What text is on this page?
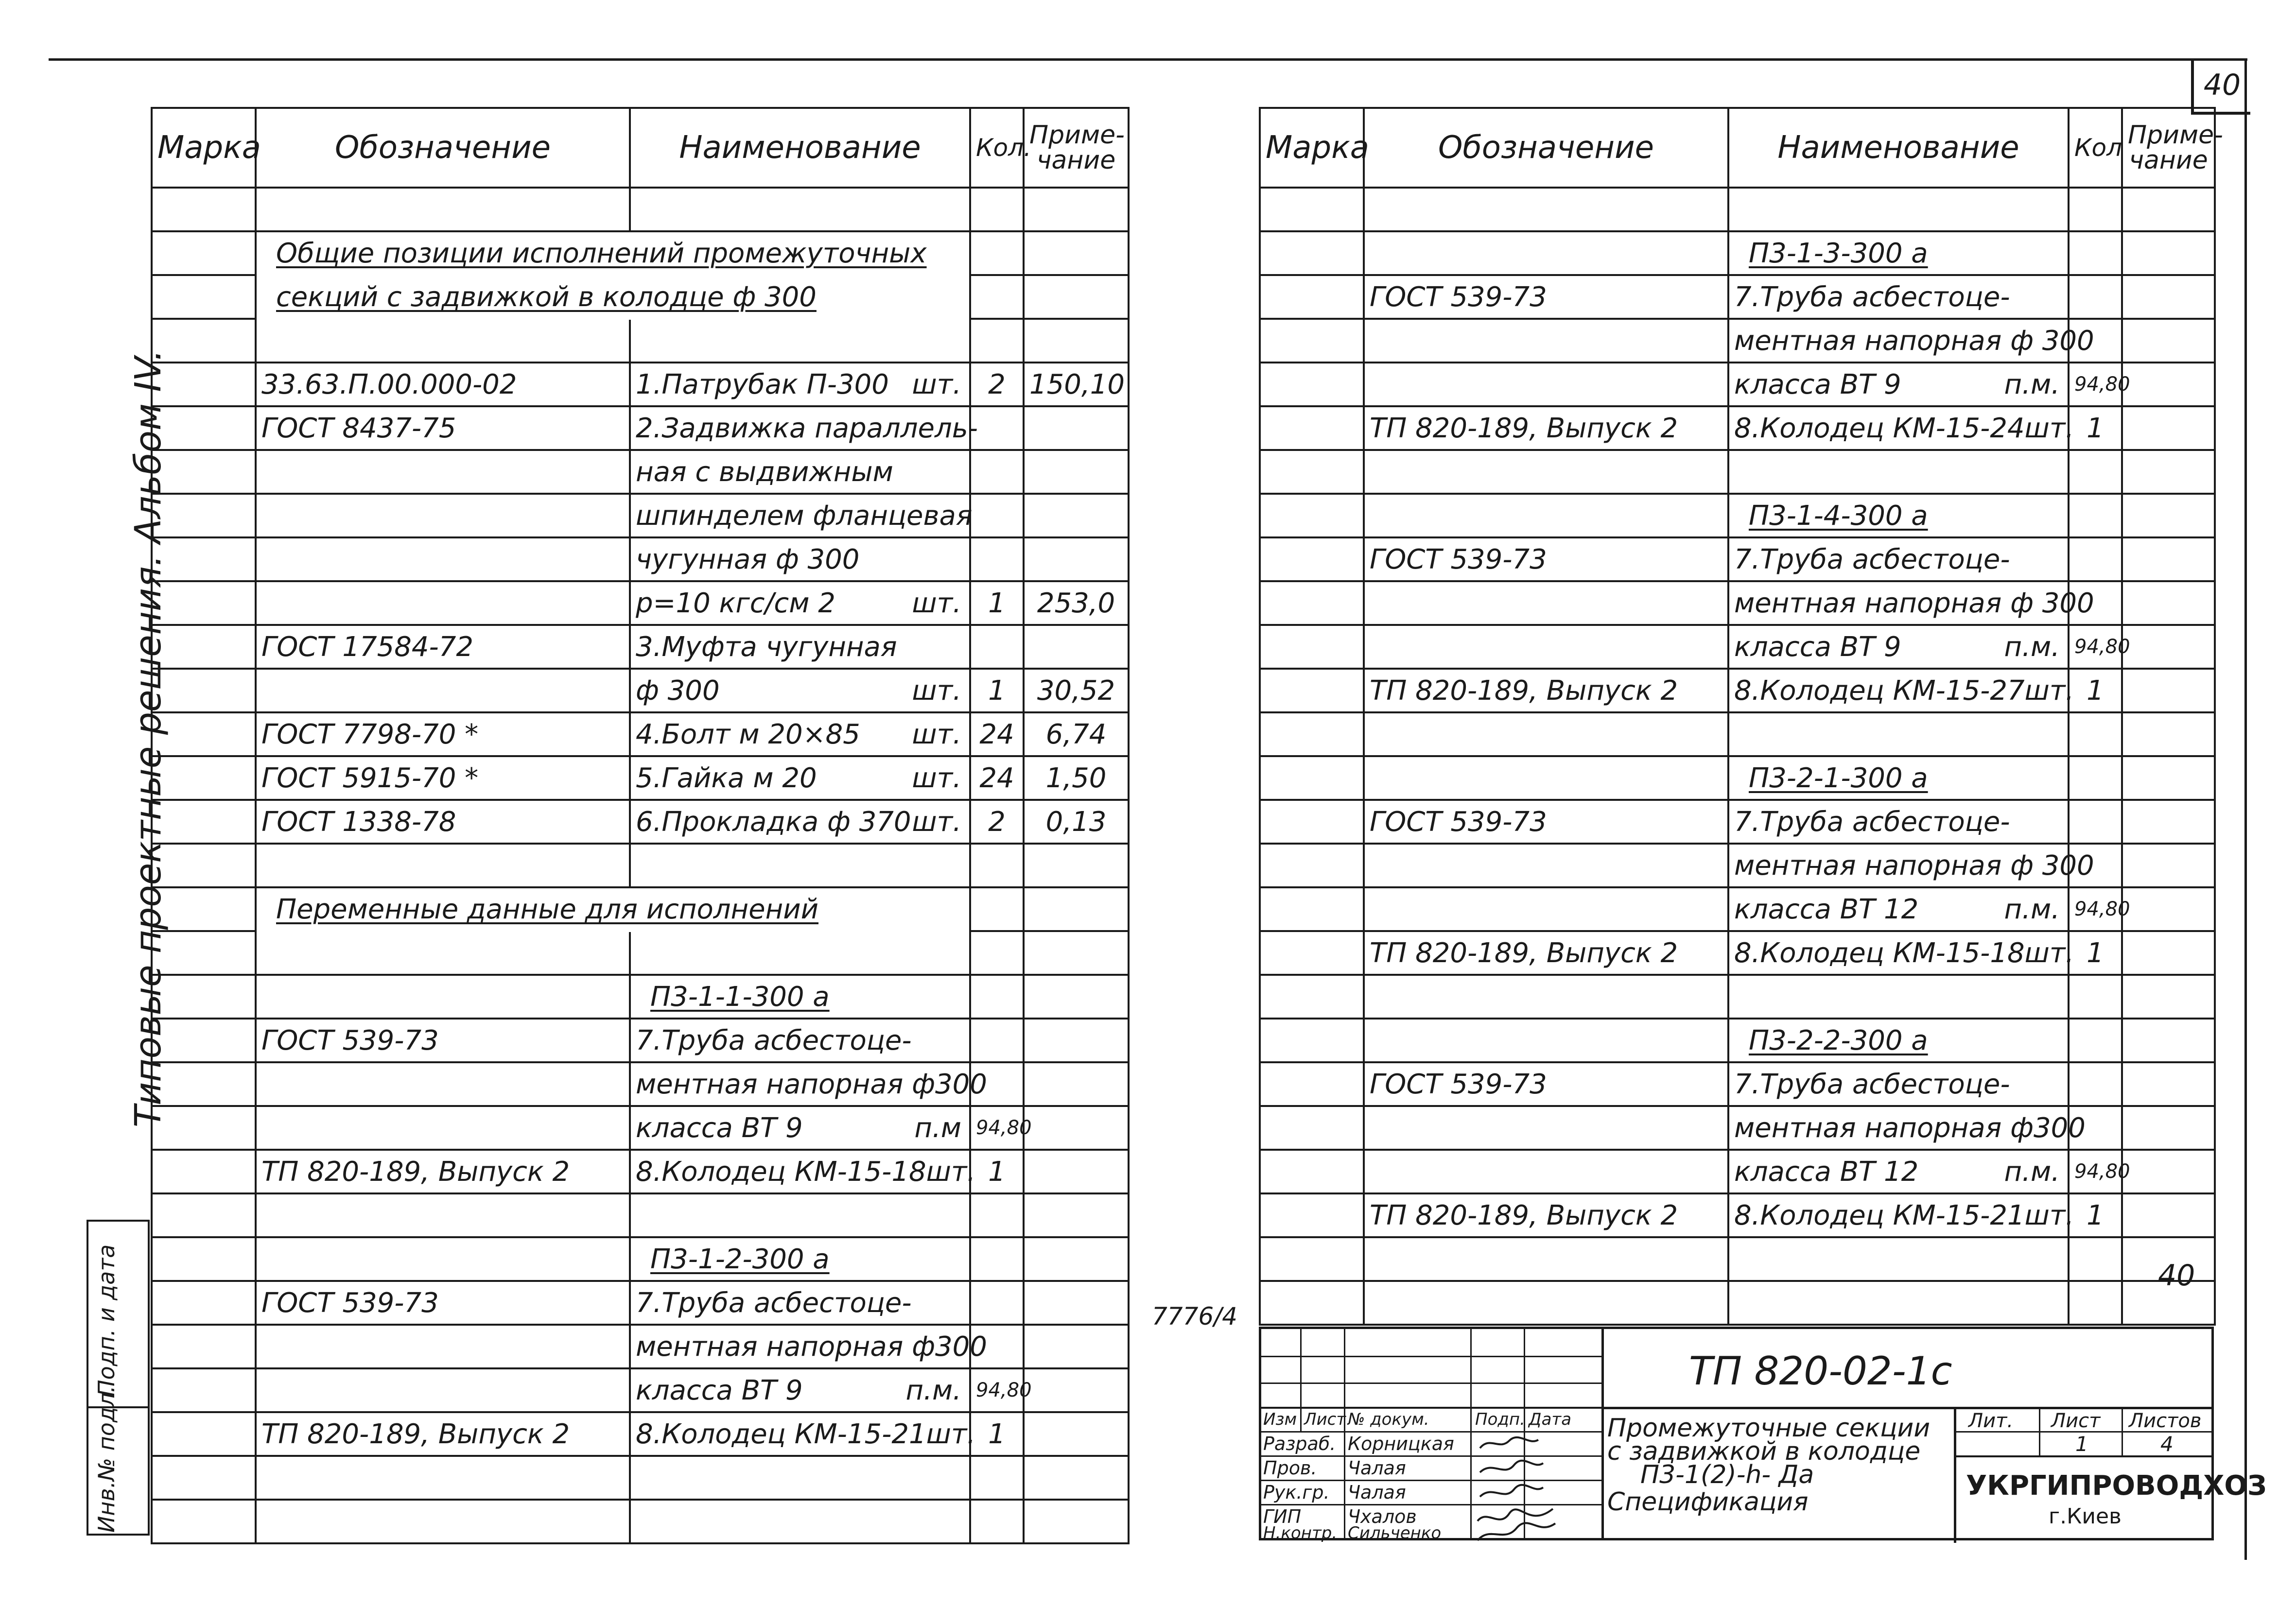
40
Типовые проектные решения. Альбом IV.
Инв.№ подл.
Подп. и дата
Марка	Обозначение	Наименование	Кол.	Приме-
чание

	Общие позиции исполнений промежуточных			
	секций с задвижкой в колодце ф 300			

	33.63.П.00.000-02	1.Патрубак П-300 шт.	2	150,10
	ГОСТ 8437-75	2.Задвижка параллель-		

		ная с выдвижным		

		шпинделем фланцевая		

		чугунная ф 300		

		р=10 кгс/см 2 шт.	1	253,0
	ГОСТ 17584-72	3.Муфта чугунная		

		ф 300 шт.	1	30,52
	ГОСТ 7798-70 *	4.Болт м 20×85 шт.	24	6,74
	ГОСТ 5915-70 *	5.Гайка м 20 шт.	24	1,50
	ГОСТ 1338-78	6.Прокладка ф 370 шт.	2	0,13

	Переменные данные для исполнений			

		П3-1-1-300 а		
	ГОСТ 539-73	7.Труба асбестоце-		

		ментная напорная ф300		

		класса ВТ 9 п.м	94,80	
	ТП 820-189, Выпуск 2	8.Колодец КМ-15-18 шт.	1	

		П3-1-2-300 а		
	ГОСТ 539-73	7.Труба асбестоце-		

		ментная напорная ф300		

		класса ВТ 9 п.м.	94,80	
	ТП 820-189, Выпуск 2	8.Колодец КМ-15-21 шт.	1	

7776/4
Марка	Обозначение	Наименование	Кол	Приме-
чание

		П3-1-3-300 а		
	ГОСТ 539-73	7.Труба асбестоце-		

		ментная напорная ф 300		

		класса ВТ 9 п.м.	94,80	
	ТП 820-189, Выпуск 2	8.Колодец КМ-15-24 шт.	1	

		П3-1-4-300 а		
	ГОСТ 539-73	7.Труба асбестоце-		

		ментная напорная ф 300		

		класса ВТ 9 п.м.	94,80	
	ТП 820-189, Выпуск 2	8.Колодец КМ-15-27 шт.	1	

		П3-2-1-300 а		
	ГОСТ 539-73	7.Труба асбестоце-		

		ментная напорная ф 300		

		класса ВТ 12 п.м.	94,80	
	ТП 820-189, Выпуск 2	8.Колодец КМ-15-18 шт.	1	

		П3-2-2-300 а		
	ГОСТ 539-73	7.Труба асбестоце-		

		ментная напорная ф300		

		класса ВТ 12 п.м.	94,80	
	ТП 820-189, Выпуск 2	8.Колодец КМ-15-21 шт.	1	

40
ТП 820-02-1с
Изм Лист № докум.	Подп. Дата
Разраб. Корницкая
Пров. Чалая
Рук.гр. Чалая
ГИП	Чхалов
Н.контр. Сильченко
Промежуточные секции
с задвижкой в колодце
П3-1(2)-h- Да
Спецификация
Лит. Лист Листов
1	4
УКРГИПРОВОДХОЗ
г.Киев
